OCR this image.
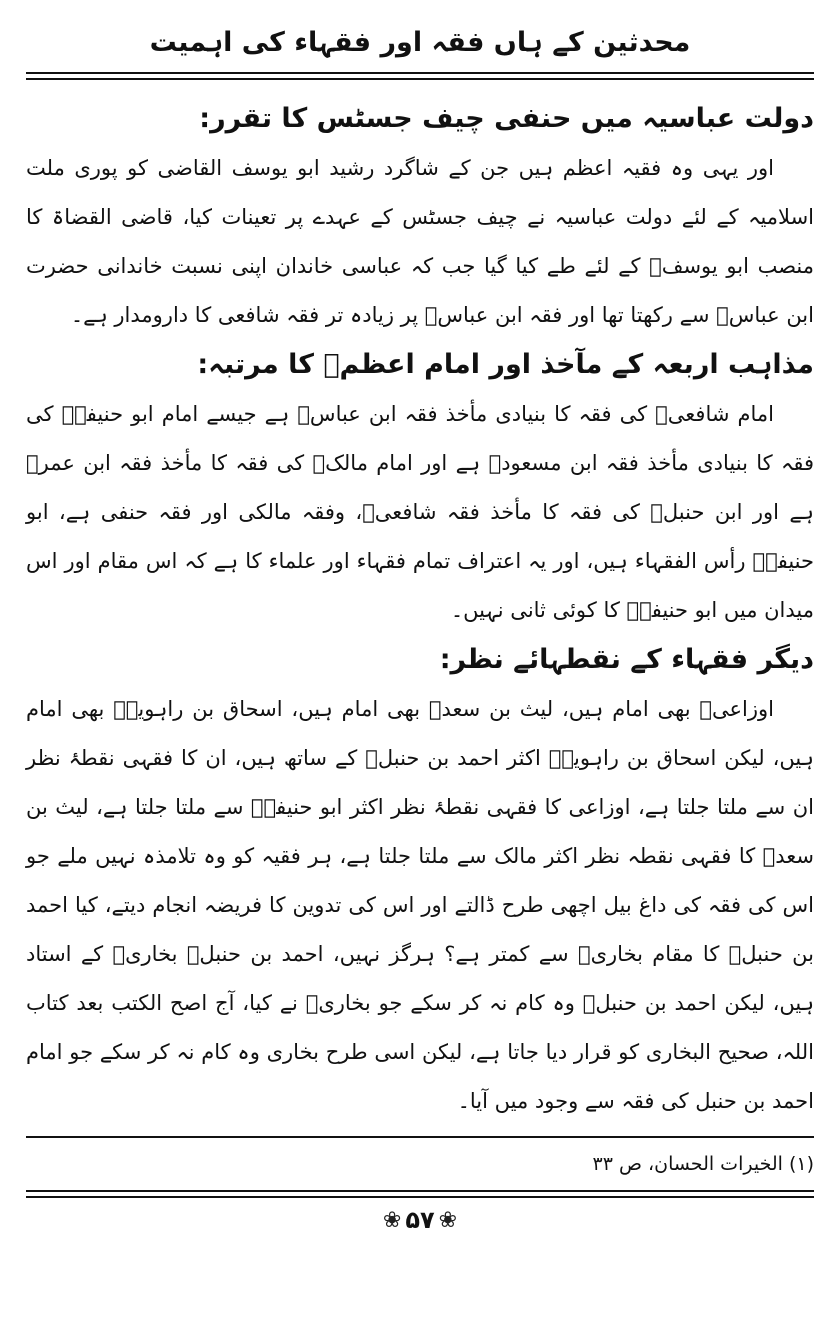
محدثین کے ہاں فقہ اور فقہاء کی اہمیت
دولت عباسیہ میں حنفی چیف جسٹس کا تقرر:

اور یہی وہ فقیہ اعظم ہیں جن کے شاگرد رشید ابو یوسف القاضی کو پوری ملت اسلامیہ کے لئے دولت عباسیہ نے چیف جسٹس کے عہدے پر تعینات کیا، قاضی القضاۃ کا منصب ابو یوسفؒ کے لئے طے کیا گیا جب کہ عباسی خاندان اپنی نسبت خاندانی حضرت ابن عباسؓ سے رکھتا تھا اور فقہ ابن عباسؓ پر زیادہ تر فقہ شافعی کا دارومدار ہے۔

مذاہب اربعہ کے مآخذ اور امام اعظمؒ کا مرتبہ:

امام شافعیؒ کی فقہ کا بنیادی مأخذ فقہ ابن عباسؓ ہے جیسے امام ابو حنیفہؒ کی فقہ کا بنیادی مأخذ فقہ ابن مسعودؓ ہے اور امام مالکؒ کی فقہ کا مأخذ فقہ ابن عمرؓ ہے اور ابن حنبلؒ کی فقہ کا مأخذ فقہ شافعیؒ، وفقہ مالکی اور فقہ حنفی ہے، ابو حنیفہؒ رأس الفقہاء ہیں، اور یہ اعتراف تمام فقہاء اور علماء کا ہے کہ اس مقام اور اس میدان میں ابو حنیفہؒ کا کوئی ثانی نہیں۔

دیگر فقہاء کے نقطہائے نظر:

اوزاعیؒ بھی امام ہیں، لیث بن سعدؒ بھی امام ہیں، اسحاق بن راہویہؒ بھی امام ہیں، لیکن اسحاق بن راہویہؒ اکثر احمد بن حنبلؒ کے ساتھ ہیں، ان کا فقہی نقطۂ نظر ان سے ملتا جلتا ہے، اوزاعی کا فقہی نقطۂ نظر اکثر ابو حنیفہؒ سے ملتا جلتا ہے، لیث بن سعدؒ کا فقہی نقطہ نظر اکثر مالک سے ملتا جلتا ہے، ہر فقیہ کو وہ تلامذہ نہیں ملے جو اس کی فقہ کی داغ بیل اچھی طرح ڈالتے اور اس کی تدوین کا فریضہ انجام دیتے، کیا احمد بن حنبلؒ کا مقام بخاریؒ سے کمتر ہے؟ ہرگز نہیں، احمد بن حنبلؒ بخاریؒ کے استاد ہیں، لیکن احمد بن حنبلؒ وہ کام نہ کر سکے جو بخاریؒ نے کیا، آج اصح الکتب بعد کتاب اللہ، صحیح البخاری کو قرار دیا جاتا ہے، لیکن اسی طرح بخاری وہ کام نہ کر سکے جو امام احمد بن حنبل کی فقہ سے وجود میں آیا۔

(۱) الخیرات الحسان، ص ۳۳

❀ ۵۷ ❀
